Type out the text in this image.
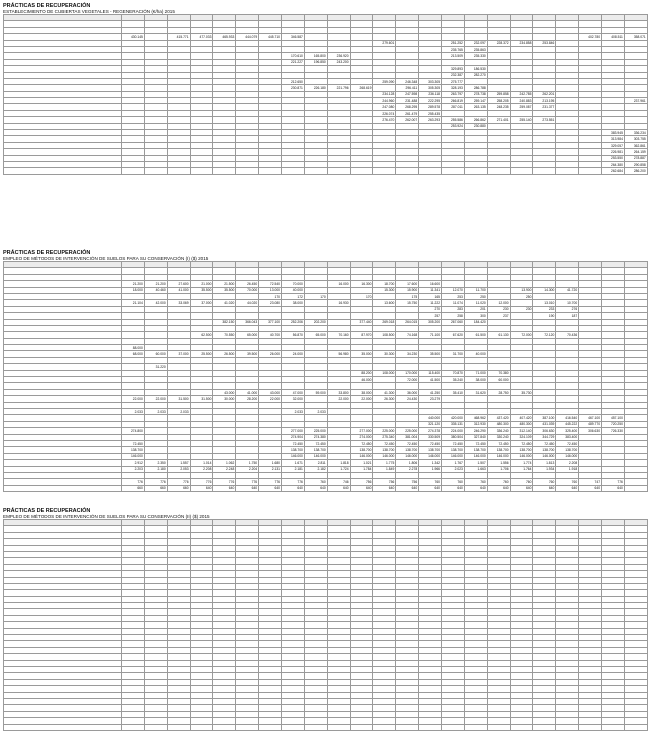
PRÁCTICAS DE RECUPERACIÓN
ESTABLECIMIENTO DE CUBIERTAS VEGETALES - REGENERACIÓN (€/ha) 2015

	430.145		415.771	477.033	465.933	444.079	445.710	346.587													402.780	408.511	358.071
												279.601			251.252	232.097	228.372	234.858	253.846				
															235.765	235.863							
								170.610	165.800	236.920					213.509	235.330							
								221.227	196.850	243.200													
															329.893	186.530							
															232.387	282.270							
								212.650				259.090	246.348	303.305	275.777								
								230.871	226.180	221.796	268.619		296.411	305.305	328.193	286.788							
												234.128	247.598	236.118	263.797	278.738	259.858	242.785	262.201				
												244.960	231.488	222.295	266.819	259.147	258.205	240.883	213.195				237.961
												247.080	268.295	289.578	287.011	263.135	248.235	259.087	231.377				
												226.074	261.479	255.435									
												276.470	262.007	263.293	255.586	266.862	271.401	255.140	273.551				
															253.924	230.880							
																						383.945	336.234
																						313.984	303.755
																						329.057	362.861
																						226.981	264.159
																						253.550	278.887
																						264.380	290.858
																						262.684	286.200
PRÁCTICAS DE RECUPERACIÓN
EMPLEO DE MÉTODOS DE INTERVENCIÓN DE SUELOS PARA SU CONSERVACIÓN (I) ($) 2015

	21.200	21.200	27.600	21.000	21.500	26.450	72.540	70.000		16.000	16.300	18.700	17.600	16.600									
	18.000	40.460	41.000	35.500	35.500	70.000	13.000	40.000				15.300	15.900	11.341	12.070	11.700		13.900	14.300	41.720			
							170	172	170		170		175	165	253	250		250					
	21.104	42.000	33.069	37.000	41.020	44.020	23.080	38.000		16.930		13.600	15.750	11.222	11.074	11.020	12.000		13.010	10.700			
														270	283	201	230	230	233	276			
														257	258	300	237		190	187			
					382.150	366.043	377.100	252.206	202.200		377.440	269.018	264.015	305.200	267.060	184.420							

				62.500	70.550	65.000	40.700	56.870	65.000	70.160	87.970	108.500	74.168	71.100	67.620	61.500	61.130	72.000	72.120	70.436			

	88.000																						
	68.000	60.000	37.000	25.500	26.500	39.500	26.000	24.000		56.980	35.000	30.300	34.230	35.500	31.700	40.000							

		31.220																					
											88.200	108.000	170.000	115.400	70.870	71.000	70.380						
											46.000		72.000	41.500	35.240	38.000	60.000						

					43.000	41.000	43.000	47.000	59.000	33.800	38.000	41.300	36.000	41.250	35.410	31.620	28.750	35.730					
	22.000	22.000	31.500	31.500	30.000	28.200	22.000	32.000		22.000	22.000	26.300	24.430	23.279									

	2.033	2.033	2.033					2.033	2.033														
														440.000	420.000	468.962	437.420	407.420	387.100	416.540	467.100	457.100	
														321.120	335.131	312.930	480.300	480.300	431.039	445.222	489.770	720.250	
	274.800							277.000	225.000		277.000	225.000	225.000	274.378	224.000	246.290	336.240	312.140	306.630	325.400	306.630	726.330	
								274.904	274.380		274.000	275.340	381.004	330.509	380.504	327.840	330.240	324.109	344.729	383.400			
	72.450							72.450	72.450		72.450	72.450	72.450	72.450	72.450	72.450	72.450	72.450	72.450	72.450			
	138.700							138.700	138.700		138.700	138.700	138.700	138.700	138.700	138.700	138.700	138.700	138.700	138.700			
	146.000							146.000	146.000		146.000	146.000	146.000	146.000	146.000	146.000	146.000	146.000	146.000	146.000			
	2.912	2.350	1.557	1.014	1.062	1.750	1.680	1.671	2.811	1.818	1.021	1.775	1.806	1.342	1.767	1.507	1.556	1.774	1.813	2.208			
	2.203	2.180	2.053	2.208	2.248	2.204	2.131	2.181	2.182	1.724	1.784	1.849	2.278	1.966	2.023	1.663	1.706	1.764	1.934	1.918			

	776	776	776	776	776	776	776	776	760	746	756	756	756	760	760	760	760	760	760	760	747	776	
	660	660	660	640	640	640	640	640	640	640	640	640	640	640	640	640	640	640	640	640	640	640	
PRÁCTICAS DE RECUPERACIÓN
EMPLEO DE MÉTODOS DE INTERVENCIÓN DE SUELOS PARA SU CONSERVACIÓN (II) ($) 2015
